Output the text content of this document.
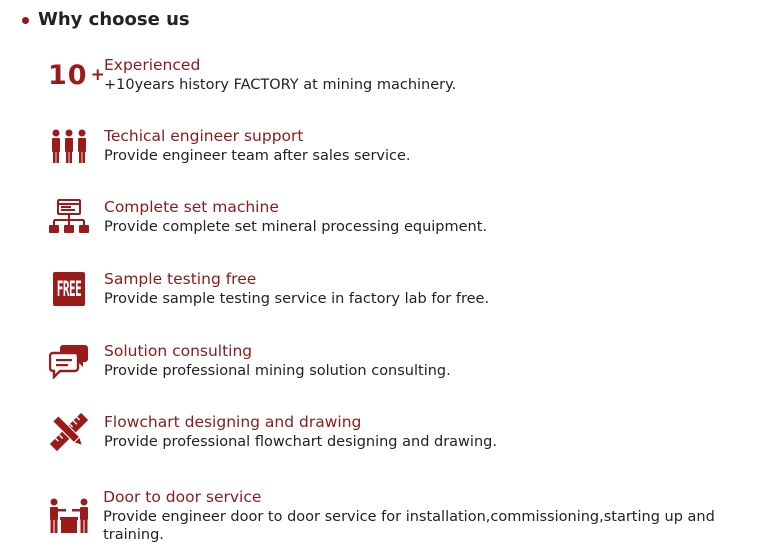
Why choose us
10 + Experienced
+10years history FACTORY at mining machinery.
Techical engineer support
Provide engineer team after sales service.
Complete set machine
Provide complete set mineral processing equipment.
FREE Sample testing free
Provide sample testing service in factory lab for free.
Solution consulting
Provide professional mining solution consulting.
Flowchart designing and drawing
Provide professional flowchart designing and drawing.
Door to door service
Provide engineer door to door service for installation,commissioning,starting up and training.
